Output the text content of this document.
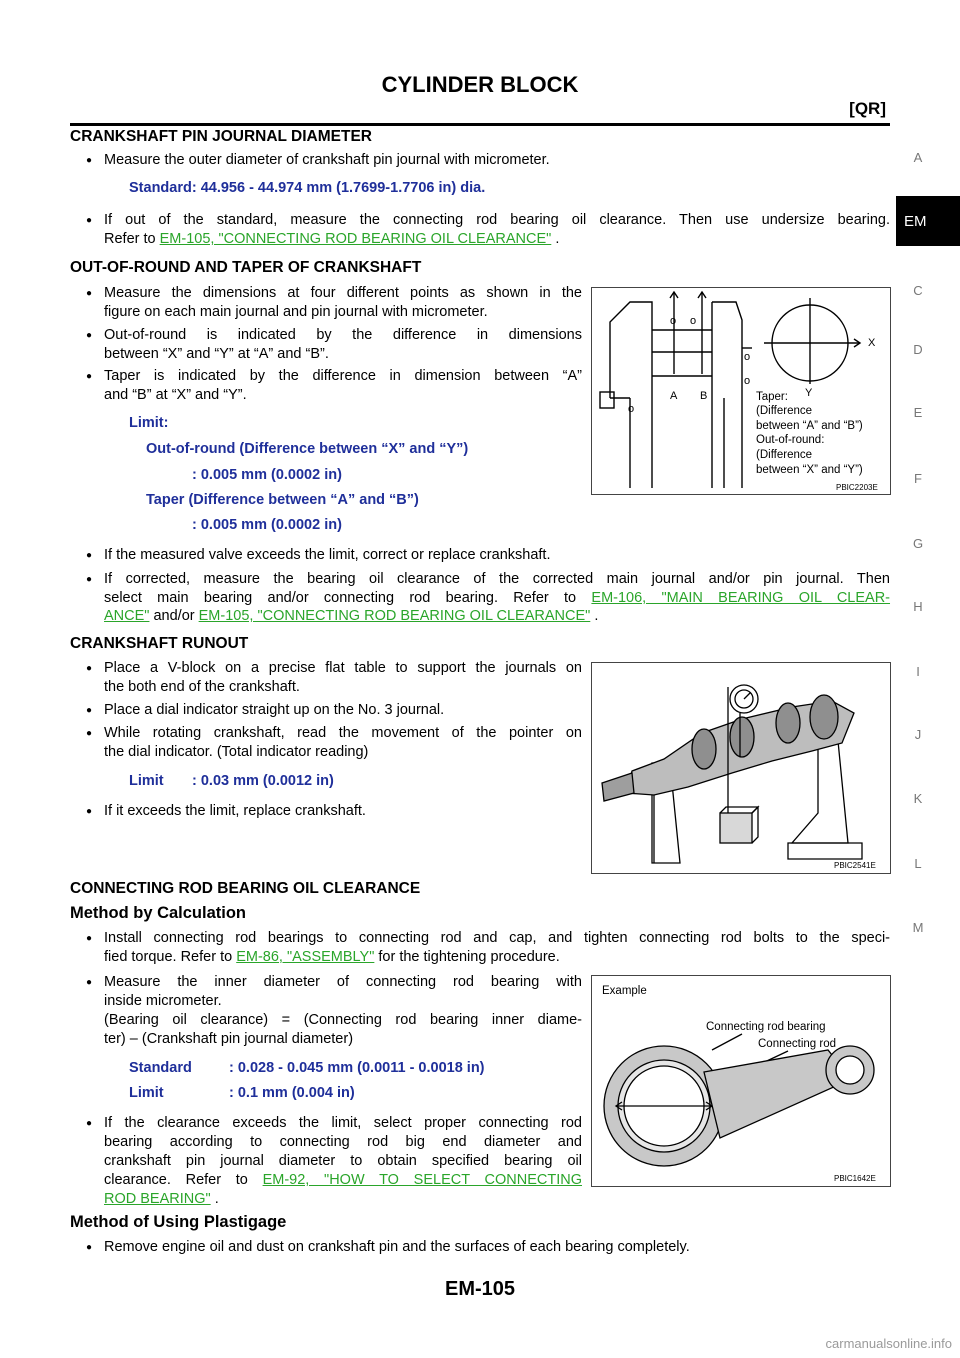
CYLINDER BLOCK
[QR]
A
EM
C
D
E
F
G
H
I
J
K
L
M
CRANKSHAFT PIN JOURNAL DIAMETER
● Measure the outer diameter of crankshaft pin journal with micrometer.
Standard: 44.956 - 44.974 mm (1.7699-1.7706 in) dia.
● If out of the standard, measure the connecting rod bearing oil clearance. Then use undersize bearing.
Refer to EM-105, "CONNECTING ROD BEARING OIL CLEARANCE" .
OUT-OF-ROUND AND TAPER OF CRANKSHAFT
● Measure the dimensions at four different points as shown in the
figure on each main journal and pin journal with micrometer.
● Out-of-round is indicated by the difference in dimensions
between “X” and “Y” at “A” and “B”.
● Taper is indicated by the difference in dimension between “A”
and “B” at “X” and “Y”.
Limit:
Out-of-round (Difference between “X” and “Y”)
: 0.005 mm (0.0002 in)
Taper (Difference between “A” and “B”)
: 0.005 mm (0.0002 in)
o o
o
o
o
A B
X
Y
Taper:
(Difference
between “A” and “B”)
Out-of-round:
(Difference
between “X” and “Y”)
PBIC2203E
● If the measured valve exceeds the limit, correct or replace crankshaft.
● If corrected, measure the bearing oil clearance of the corrected main journal and/or pin journal. Then
select main bearing and/or connecting rod bearing. Refer to EM-106, "MAIN BEARING OIL CLEAR-
ANCE" and/or EM-105, "CONNECTING ROD BEARING OIL CLEARANCE" .
CRANKSHAFT RUNOUT
● Place a V-block on a precise flat table to support the journals on
the both end of the crankshaft.
● Place a dial indicator straight up on the No. 3 journal.
● While rotating crankshaft, read the movement of the pointer on
the dial indicator. (Total indicator reading)
Limit : 0.03 mm (0.0012 in)
● If it exceeds the limit, replace crankshaft.
PBIC2541E
CONNECTING ROD BEARING OIL CLEARANCE
Method by Calculation
● Install connecting rod bearings to connecting rod and cap, and tighten connecting rod bolts to the speci-
fied torque. Refer to EM-86, "ASSEMBLY" for the tightening procedure.
● Measure the inner diameter of connecting rod bearing with
inside micrometer.
(Bearing oil clearance) = (Connecting rod bearing inner diame-
ter) – (Crankshaft pin journal diameter)
Standard	: 0.028 - 0.045 mm (0.0011 - 0.0018 in)
Limit	: 0.1 mm (0.004 in)
● If the clearance exceeds the limit, select proper connecting rod
bearing according to connecting rod big end diameter and
crankshaft pin journal diameter to obtain specified bearing oil
clearance. Refer to EM-92, "HOW TO SELECT CONNECTING
ROD BEARING" .
Example
Connecting rod bearing
Connecting rod
PBIC1642E
Method of Using Plastigage
● Remove engine oil and dust on crankshaft pin and the surfaces of each bearing completely.
EM-105
carmanualsonline.info
